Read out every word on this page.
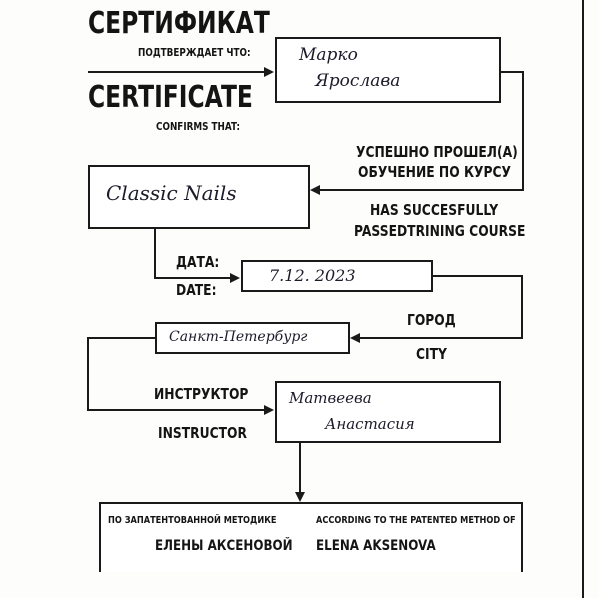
СЕРТИФИКАТ
ПОДТВЕРЖДАЕТ ЧТО:
CERTIFICATE
CONFIRMS THAT:
Марко
Ярослава
УСПЕШНО ПРОШЕЛ(А)
ОБУЧЕНИЕ ПО КУРСУ
HAS SUCCESFULLY
PASSEDTRINING COURSE
Classic Nails
ДАТА:
DATE:
7.12. 2023
ГОРОД
CITY
Санкт-Петербург
ИНСТРУКТОР
INSTRUCTOR
Матвеева
Анастасия
ПО ЗАПАТЕНТОВАННОЙ МЕТОДИКЕ
ЕЛЕНЫ АКСЕНОВОЙ
ACCORDING TO THE PATENTED METHOD OF
ELENA AKSENOVA
